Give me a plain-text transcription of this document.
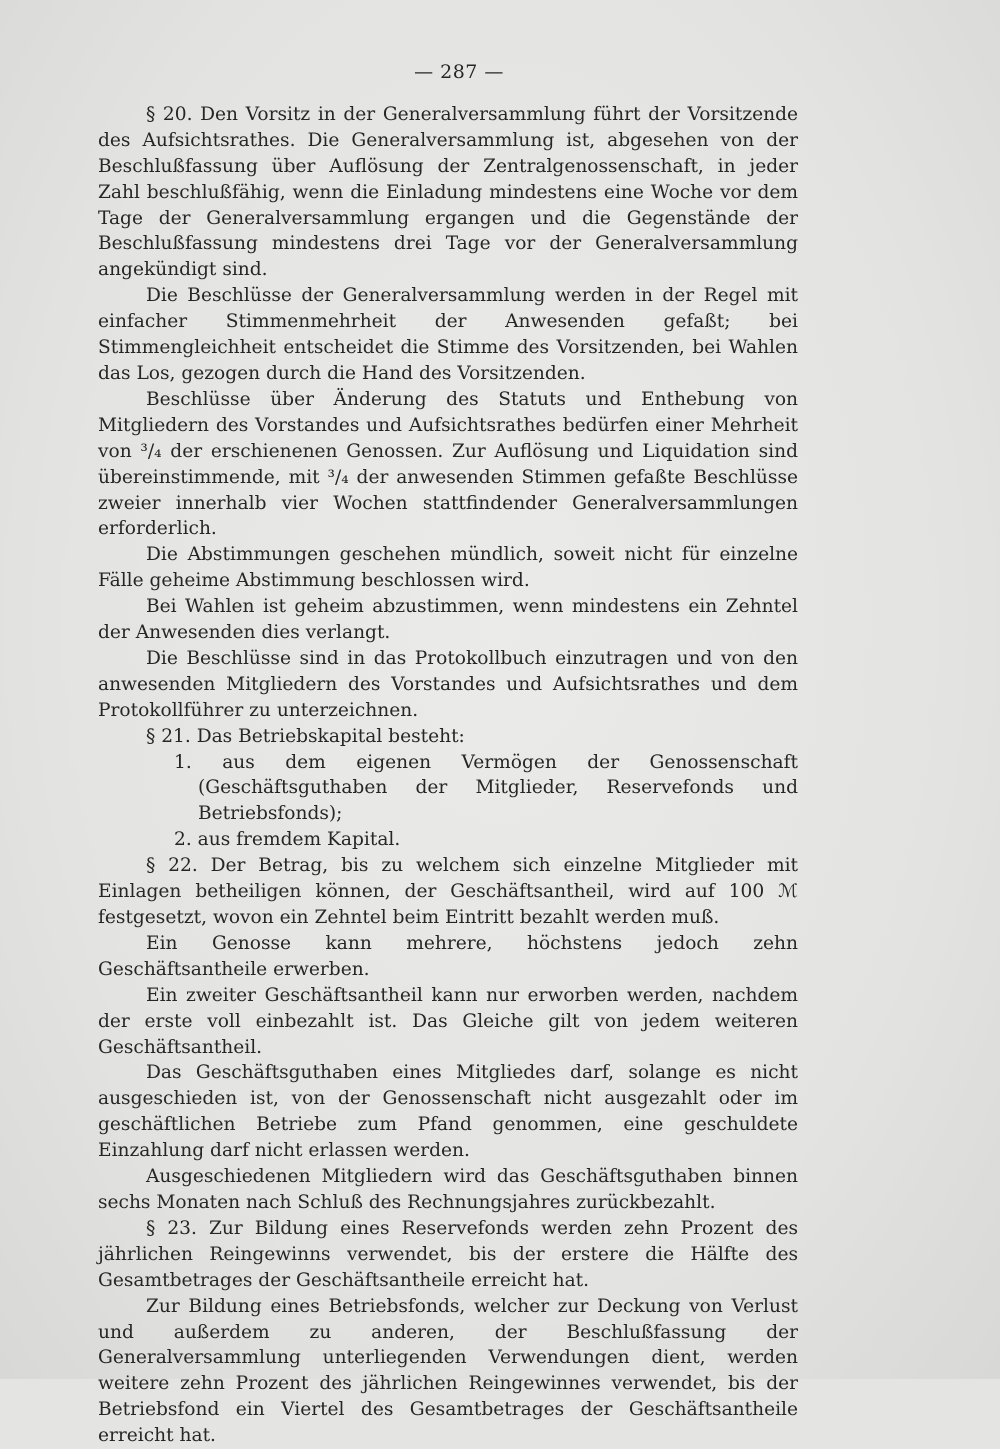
— 287 —

§ 20. Den Vorsitz in der Generalversammlung führt der Vorsitzende des Aufsichtsrathes. Die Generalversammlung ist, abgesehen von der Beschlußfassung über Auflösung der Zentralgenossenschaft, in jeder Zahl beschlußfähig, wenn die Einladung mindestens eine Woche vor dem Tage der Generalversammlung ergangen und die Gegenstände der Beschlußfassung mindestens drei Tage vor der Generalversammlung angekündigt sind.

Die Beschlüsse der Generalversammlung werden in der Regel mit einfacher Stimmenmehrheit der Anwesenden gefaßt; bei Stimmengleichheit entscheidet die Stimme des Vorsitzenden, bei Wahlen das Los, gezogen durch die Hand des Vorsitzenden.

Beschlüsse über Änderung des Statuts und Enthebung von Mitgliedern des Vorstandes und Aufsichtsrathes bedürfen einer Mehrheit von ³/₄ der erschienenen Genossen. Zur Auflösung und Liquidation sind übereinstimmende, mit ³/₄ der anwesenden Stimmen gefaßte Beschlüsse zweier innerhalb vier Wochen stattfindender Generalversammlungen erforderlich.

Die Abstimmungen geschehen mündlich, soweit nicht für einzelne Fälle geheime Abstimmung beschlossen wird.

Bei Wahlen ist geheim abzustimmen, wenn mindestens ein Zehntel der Anwesenden dies verlangt.

Die Beschlüsse sind in das Protokollbuch einzutragen und von den anwesenden Mitgliedern des Vorstandes und Aufsichtsrathes und dem Protokollführer zu unterzeichnen.

§ 21. Das Betriebskapital besteht:

1. aus dem eigenen Vermögen der Genossenschaft (Geschäftsguthaben der Mitglieder, Reservefonds und Betriebsfonds);
2. aus fremdem Kapital.

§ 22. Der Betrag, bis zu welchem sich einzelne Mitglieder mit Einlagen betheiligen können, der Geschäftsantheil, wird auf 100 ℳ festgesetzt, wovon ein Zehntel beim Eintritt bezahlt werden muß.

Ein Genosse kann mehrere, höchstens jedoch zehn Geschäftsantheile erwerben.

Ein zweiter Geschäftsantheil kann nur erworben werden, nachdem der erste voll einbezahlt ist. Das Gleiche gilt von jedem weiteren Geschäftsantheil.

Das Geschäftsguthaben eines Mitgliedes darf, solange es nicht ausgeschieden ist, von der Genossenschaft nicht ausgezahlt oder im geschäftlichen Betriebe zum Pfand genommen, eine geschuldete Einzahlung darf nicht erlassen werden.

Ausgeschiedenen Mitgliedern wird das Geschäftsguthaben binnen sechs Monaten nach Schluß des Rechnungsjahres zurückbezahlt.

§ 23. Zur Bildung eines Reservefonds werden zehn Prozent des jährlichen Reingewinns verwendet, bis der erstere die Hälfte des Gesamtbetrages der Geschäftsantheile erreicht hat.

Zur Bildung eines Betriebsfonds, welcher zur Deckung von Verlust und außerdem zu anderen, der Beschlußfassung der Generalversammlung unterliegenden Verwendungen dient, werden weitere zehn Prozent des jährlichen Reingewinnes verwendet, bis der Betriebsfond ein Viertel des Gesamtbetrages der Geschäftsantheile erreicht hat.
